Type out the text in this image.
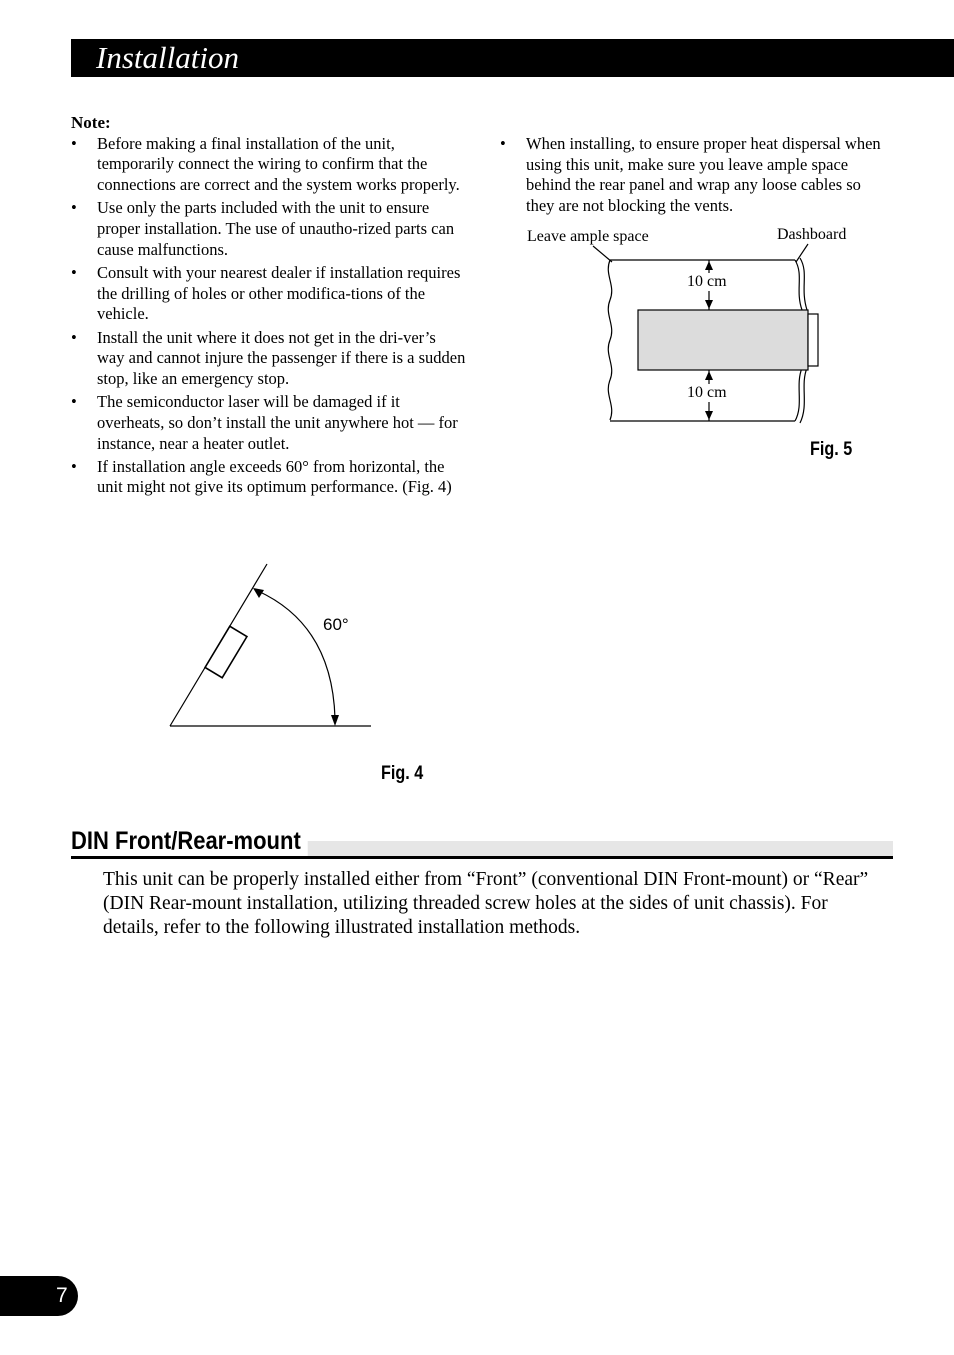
Installation
Note:
• Before making a final installation of the unit, temporarily connect the wiring to confirm that the connections are correct and the system works properly.
• Use only the parts included with the unit to ensure proper installation. The use of unautho-rized parts can cause malfunctions.
• Consult with your nearest dealer if installation requires the drilling of holes or other modifica-tions of the vehicle.
• Install the unit where it does not get in the dri-ver’s way and cannot injure the passenger if there is a sudden stop, like an emergency stop.
• The semiconductor laser will be damaged if it overheats, so don’t install the unit anywhere hot — for instance, near a heater outlet.
• If installation angle exceeds 60° from horizontal, the unit might not give its optimum performance. (Fig. 4)
• When installing, to ensure proper heat dispersal when using this unit, make sure you leave ample space behind the rear panel and wrap any loose cables so they are not blocking the vents.
Leave ample space	Dashboard
10 cm
10 cm
Fig. 5
60°
Fig. 4
DIN Front/Rear-mount
This unit can be properly installed either from “Front” (conventional DIN Front-mount) or “Rear” (DIN Rear-mount installation, utilizing threaded screw holes at the sides of unit chassis). For details, refer to the following illustrated installation methods.
7
